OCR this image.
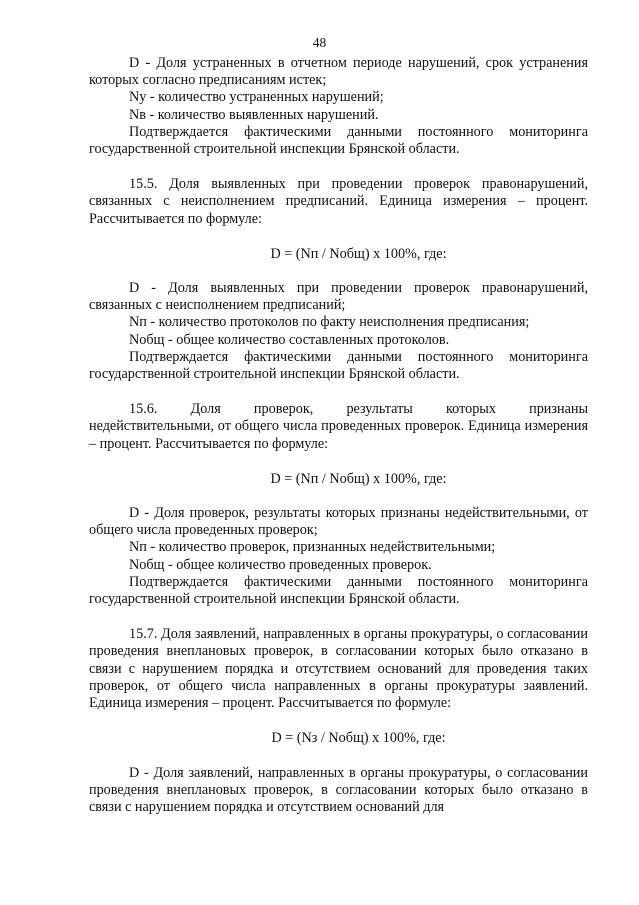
48

D - Доля устраненных в отчетном периоде нарушений, срок устранения которых согласно предписаниям истек;

Ny - количество устраненных нарушений;

Nв - количество выявленных нарушений.

Подтверждается фактическими данными постоянного мониторинга государственной строительной инспекции Брянской области.

15.5. Доля выявленных при проведении проверок правонарушений, связанных с неисполнением предписаний. Единица измерения – процент. Рассчитывается по формуле:

D = (Nп / Nобщ) x 100%, где:

D - Доля выявленных при проведении проверок правонарушений, связанных с неисполнением предписаний;

Nп - количество протоколов по факту неисполнения предписания;

Nобщ - общее количество составленных протоколов.

Подтверждается фактическими данными постоянного мониторинга государственной строительной инспекции Брянской области.

15.6. Доля проверок, результаты которых признаны

недействительными, от общего числа проведенных проверок. Единица измерения – процент. Рассчитывается по формуле:

D = (Nп / Nобщ) x 100%, где:

D - Доля проверок, результаты которых признаны недействительными, от общего числа проведенных проверок;

Nп - количество проверок, признанных недействительными;

Nобщ - общее количество проведенных проверок.

Подтверждается фактическими данными постоянного мониторинга государственной строительной инспекции Брянской области.

15.7. Доля заявлений, направленных в органы прокуратуры, о согласовании проведения внеплановых проверок, в согласовании которых было отказано в связи с нарушением порядка и отсутствием оснований для проведения таких проверок, от общего числа направленных в органы прокуратуры заявлений. Единица измерения – процент. Рассчитывается по формуле:

D = (Nз / Nобщ) x 100%, где:

D - Доля заявлений, направленных в органы прокуратуры, о согласовании проведения внеплановых проверок, в согласовании которых было отказано в связи с нарушением порядка и отсутствием оснований для
